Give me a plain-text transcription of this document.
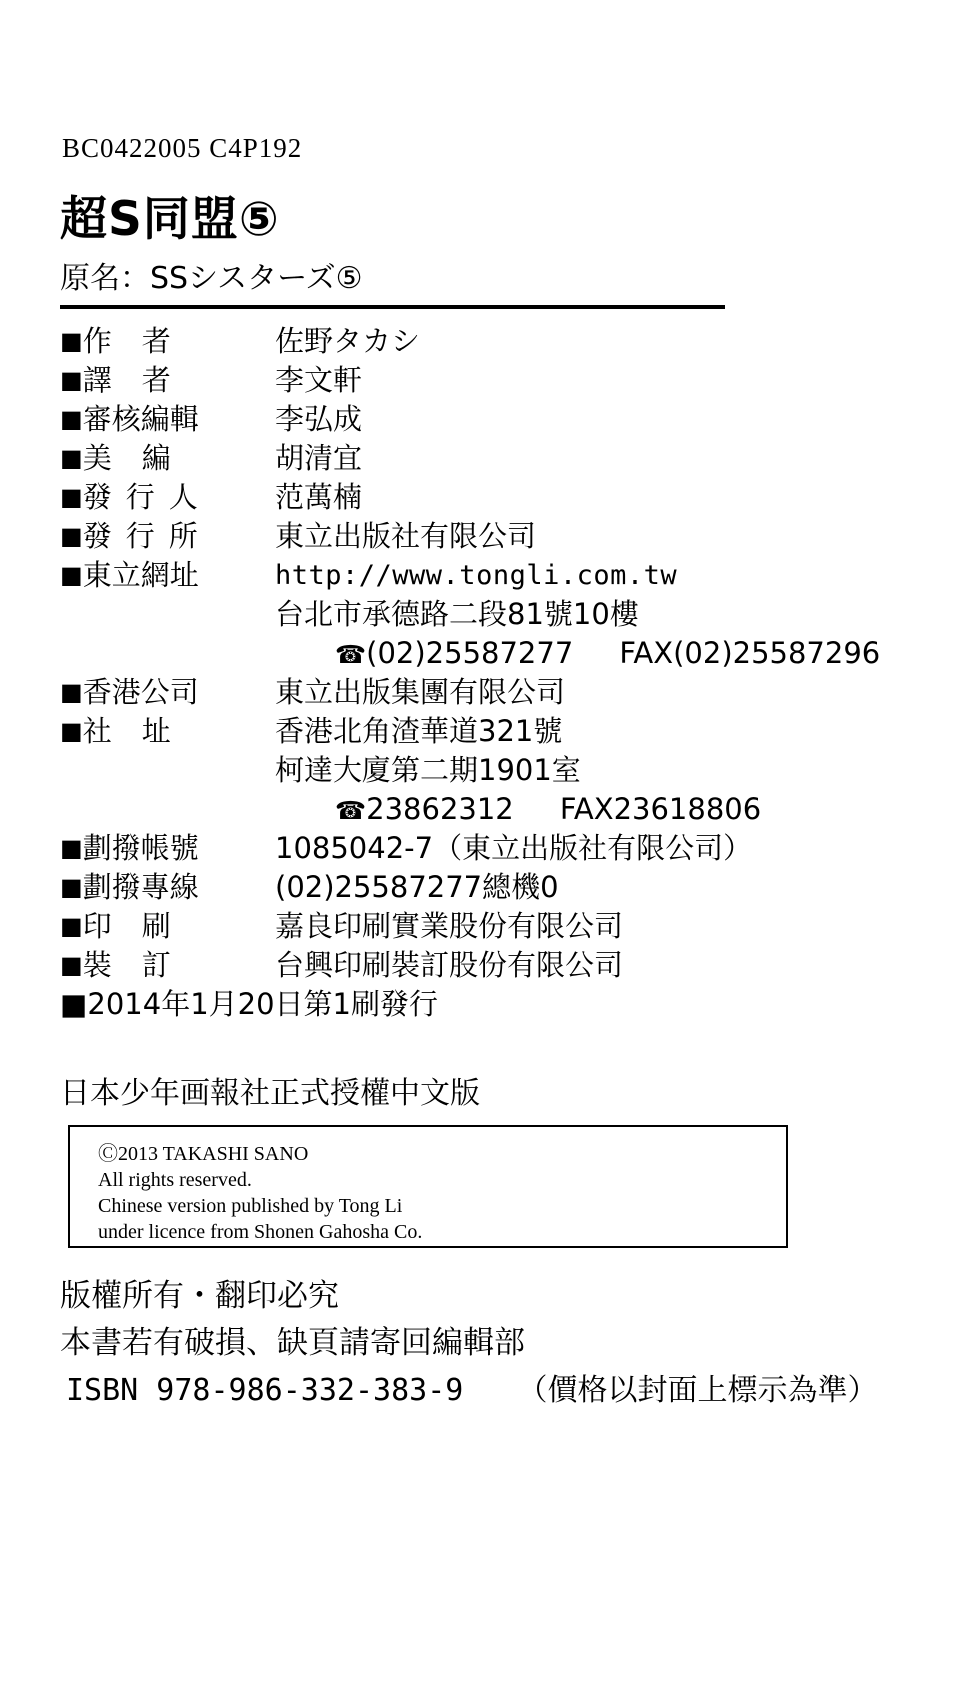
BC0422005 C4P192
超S同盟⑤
原名：SSシスターズ⑤
■作者	佐野タカシ
■譯者	李文軒
■審核編輯	李弘成
■美編	胡清宜
■發行人	范萬楠
■發行所	東立出版社有限公司
■東立網址	http://www.tongli.com.tw
台北市承德路二段81號10樓
☎(02)25587277 FAX(02)25587296
■香港公司	東立出版集團有限公司
■社址	香港北角渣華道321號
柯達大廈第二期1901室
☎23862312 FAX23618806
■劃撥帳號	1085042-7（東立出版社有限公司）
■劃撥專線	(02)25587277總機0
■印刷	嘉良印刷實業股份有限公司
■裝訂	台興印刷裝訂股份有限公司
■2014年1月20日第1刷發行
日本少年画報社正式授權中文版
Ⓒ2013 TAKASHI SANO
All rights reserved.
Chinese version published by Tong Li
under licence from Shonen Gahosha Co.
版權所有・翻印必究
本書若有破損、缺頁請寄回編輯部
ISBN 978-986-332-383-9 （價格以封面上標示為準）
